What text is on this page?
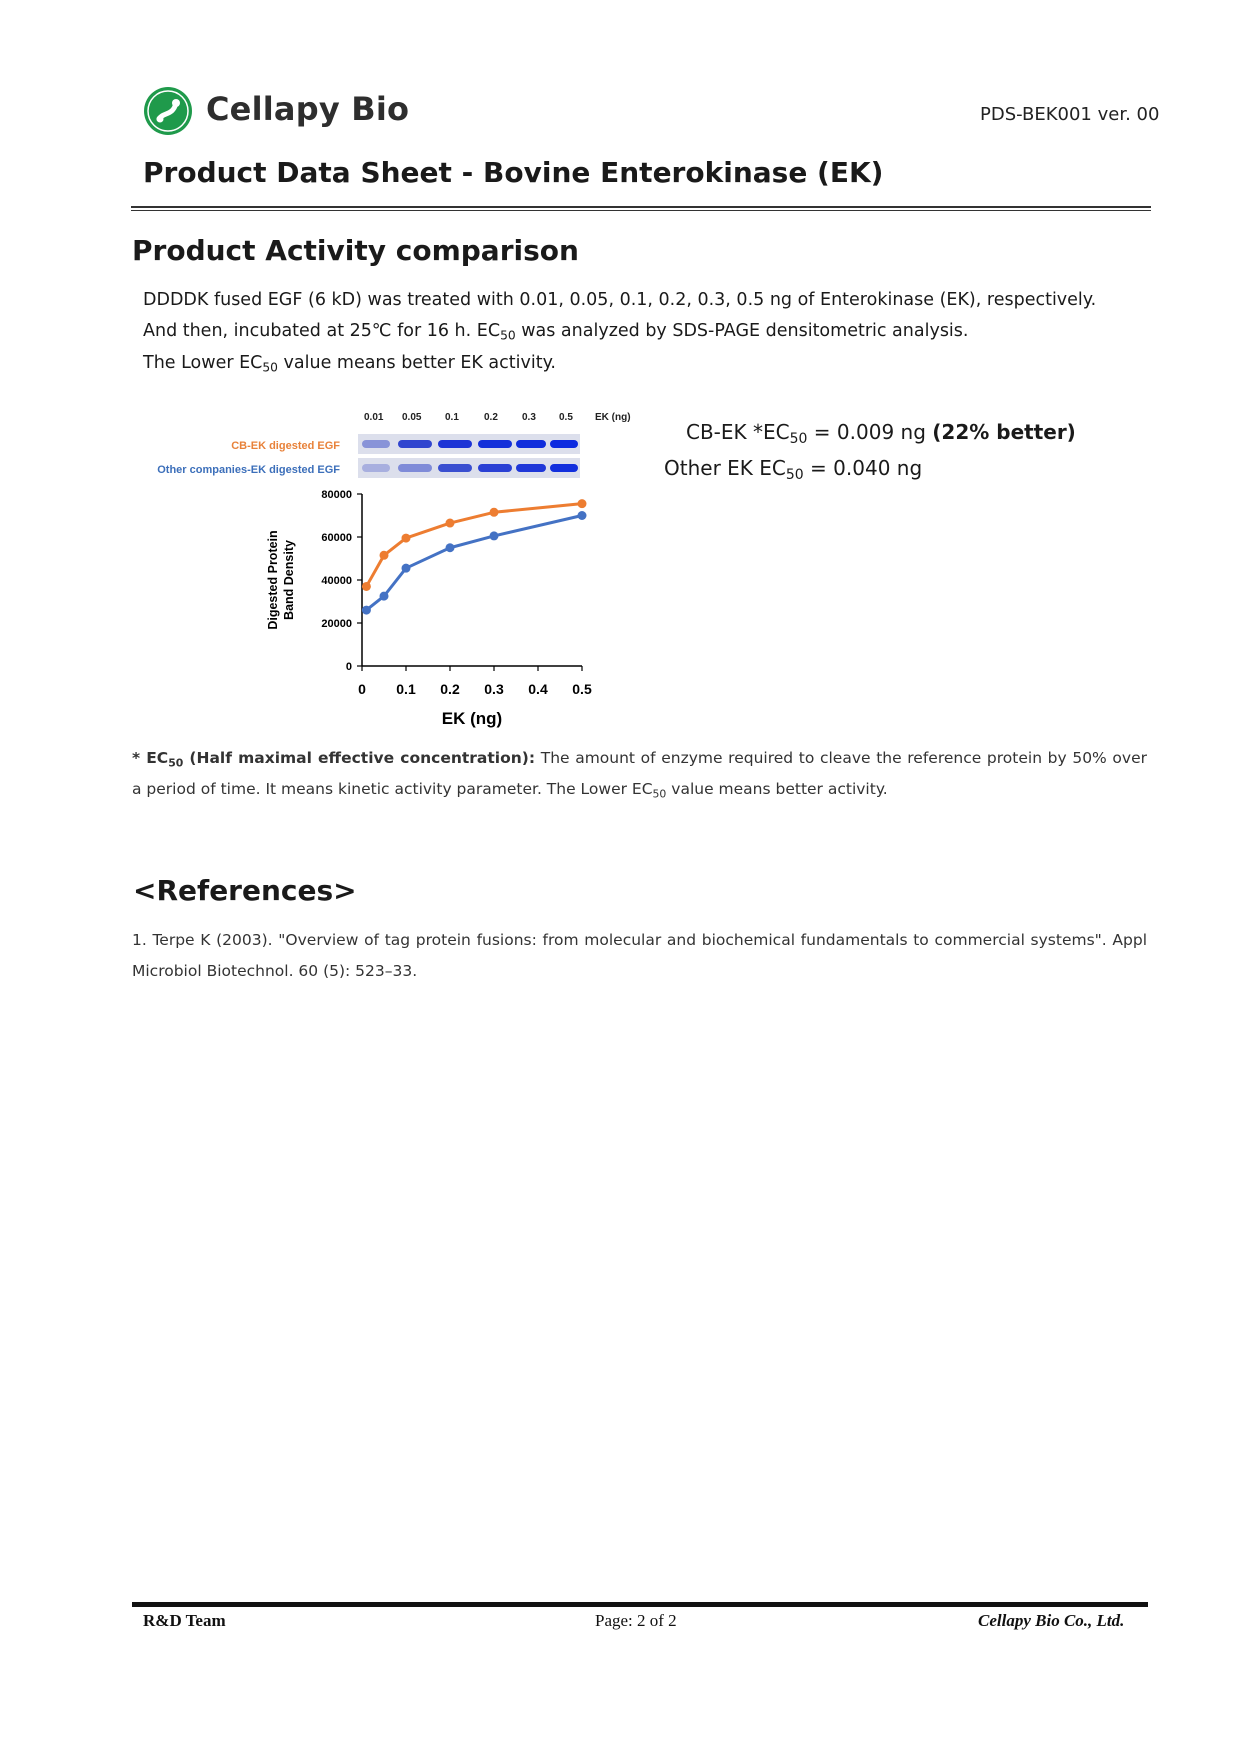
Cellapy Bio	PDS-BEK001 ver. 00
Product Data Sheet - Bovine Enterokinase (EK)
Product Activity comparison
DDDDK fused EGF (6 kD) was treated with 0.01, 0.05, 0.1, 0.2, 0.3, 0.5 ng of Enterokinase (EK), respectively.
And then, incubated at 25℃ for 16 h. $EC_{50}$ was analyzed by SDS-PAGE densitometric analysis.
The Lower $EC_{50}$ value means better EK activity.
0.01 0.05 0.1	0.2 0.3 0.5 EK (ng)
CB-EK digested EGF
Other companies-EK digested EGF
0
20000
40000
60000
80000
0 0.1 0.2 0.3 0.4 0.5
Digested Protein Band Density
EK (ng)
CB-EK $*EC_{50} = 0.009$ ng (22% better)
Other EK $EC_{50} = 0.040$ ng
* $EC_{50}$ (Half maximal effective concentration): The amount of enzyme required to cleave the reference protein by 50% over a period of time. It means kinetic activity parameter. The Lower $EC_{50}$ value means better activity.
<References>
1. Terpe K (2003). "Overview of tag protein fusions: from molecular and biochemical fundamentals to commercial systems". Appl Microbiol Biotechnol. 60 (5): 523–33.
R&D Team	Page: 2 of 2	Cellapy Bio Co., Ltd.
